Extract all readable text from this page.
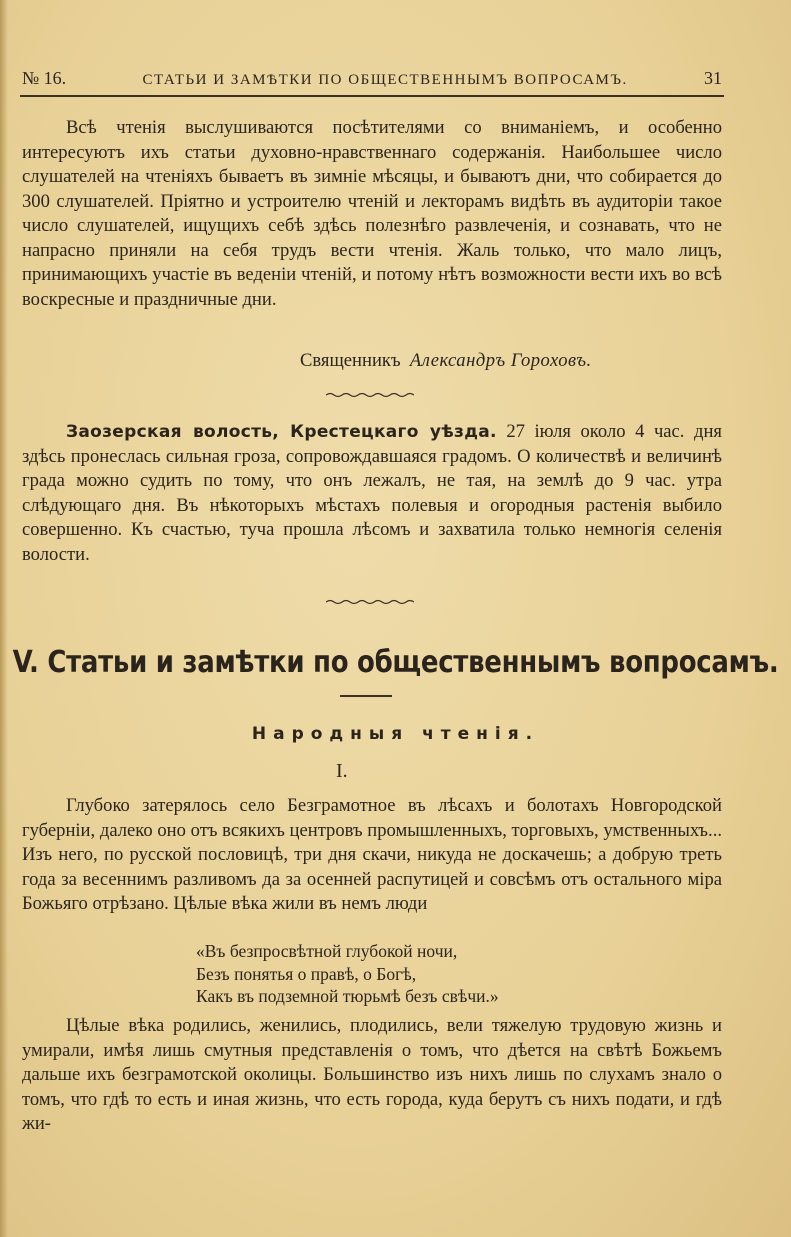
№ 16.	СТАТЬИ И ЗАМѢТКИ ПО ОБЩЕСТВЕННЫМЪ ВОПРОСАМЪ.	31

Всѣ чтенія выслушиваются посѣтителями со вниманіемъ, и особенно интересуютъ ихъ статьи духовно-нравственнаго содержанія. Наибольшее число слушателей на чтеніяхъ бываетъ въ зимніе мѣсяцы, и бываютъ дни, что собирается до 300 слушателей. Пріятно и устроителю чтеній и лекторамъ видѣть въ аудиторіи такое число слушателей, ищущихъ себѣ здѣсь полезнѣго развлеченія, и сознавать, что не напрасно приняли на себя трудъ вести чтенія. Жаль только, что мало лицъ, принимающихъ участіе въ веденіи чтеній, и потому нѣтъ возможности вести ихъ во всѣ воскресные и праздничные дни.

Священникъ Александръ Гороховъ.

Заозерская волость, Крестецкаго уѣзда. 27 іюля около 4 час. дня здѣсь пронеслась сильная гроза, сопровождавшаяся градомъ. О количествѣ и величинѣ града можно судить по тому, что онъ лежалъ, не тая, на землѣ до 9 час. утра слѣдующаго дня. Въ нѣкоторыхъ мѣстахъ полевыя и огородныя растенія выбило совершенно. Къ счастью, туча прошла лѣсомъ и захватила только немногія селенія волости.

V. Статьи и замѣтки по общественнымъ вопросамъ.
Народныя чтенія.
I.

Глубоко затерялось село Безграмотное въ лѣсахъ и болотахъ Новгородской губерніи, далеко оно отъ всякихъ центровъ промышленныхъ, торговыхъ, умственныхъ... Изъ него, по русской пословицѣ, три дня скачи, никуда не доскачешь; а добрую треть года за весеннимъ разливомъ да за осенней распутицей и совсѣмъ отъ остального міра Божьяго отрѣзано. Цѣлые вѣка жили въ немъ люди

«Въ безпросвѣтной глубокой ночи,
Безъ понятья о правѣ, о Богѣ,
Какъ въ подземной тюрьмѣ безъ свѣчи.»

Цѣлые вѣка родились, женились, плодились, вели тяжелую трудовую жизнь и умирали, имѣя лишь смутныя представленія о томъ, что дѣется на свѣтѣ Божьемъ дальше ихъ безграмотской околицы. Большинство изъ нихъ лишь по слухамъ знало о томъ, что гдѣ то есть и иная жизнь, что есть города, куда берутъ съ нихъ подати, и гдѣ жи-
